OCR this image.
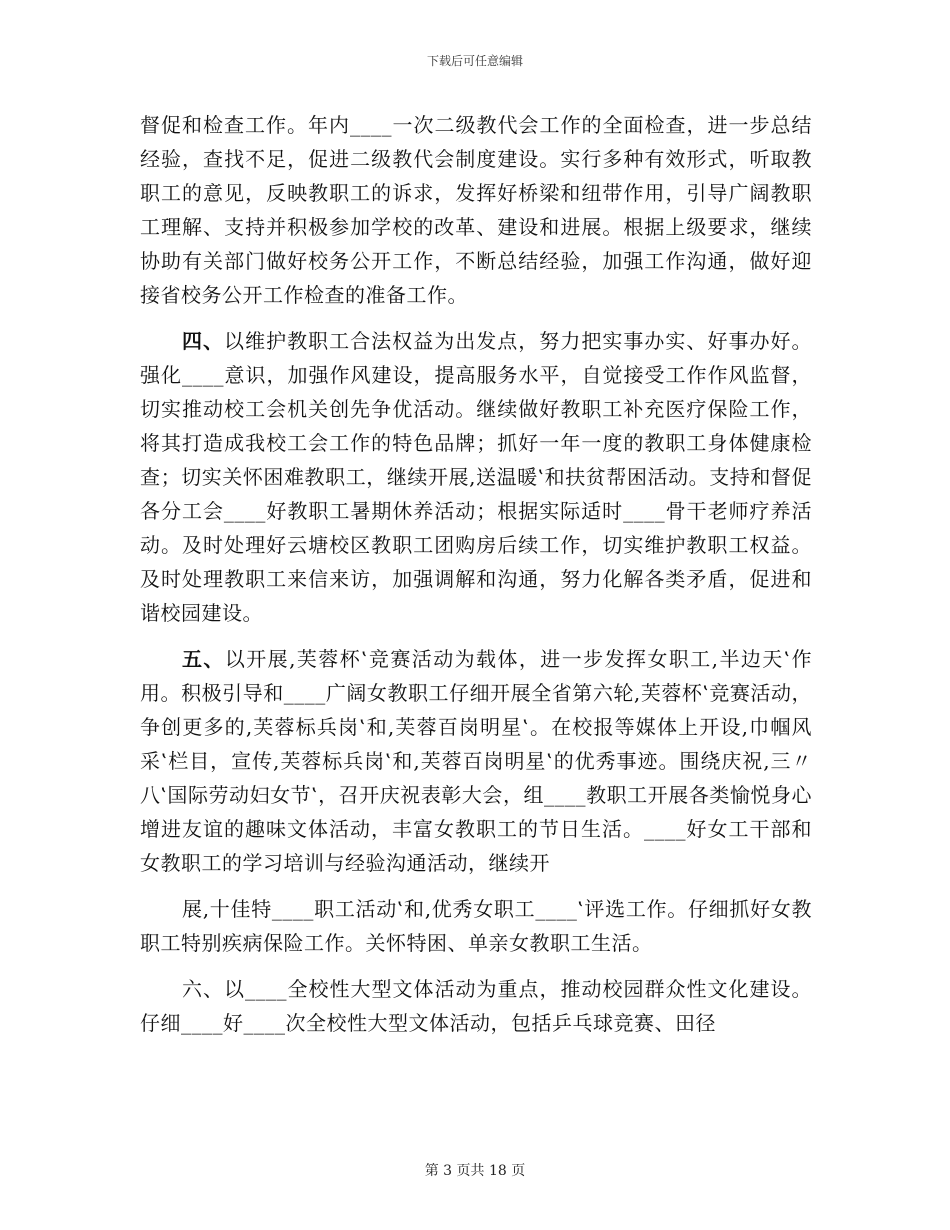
下载后可任意编辑

督促和检查工作。年内____一次二级教代会工作的全面检查，进一步总结经验，查找不足，促进二级教代会制度建设。实行多种有效形式，听取教职工的意见，反映教职工的诉求，发挥好桥梁和纽带作用，引导广阔教职工理解、支持并积极参加学校的改革、建设和进展。根据上级要求，继续协助有关部门做好校务公开工作，不断总结经验，加强工作沟通，做好迎接省校务公开工作检查的准备工作。

四、以维护教职工合法权益为出发点，努力把实事办实、好事办好。强化____意识，加强作风建设，提高服务水平，自觉接受工作作风监督，切实推动校工会机关创先争优活动。继续做好教职工补充医疗保险工作，将其打造成我校工会工作的特色品牌；抓好一年一度的教职工身体健康检查；切实关怀困难教职工，继续开展,送温暖‛和扶贫帮困活动。支持和督促各分工会____好教职工暑期休养活动；根据实际适时____骨干老师疗养活动。及时处理好云塘校区教职工团购房后续工作，切实维护教职工权益。及时处理教职工来信来访，加强调解和沟通，努力化解各类矛盾，促进和谐校园建设。

五、以开展,芙蓉杯‛竞赛活动为载体，进一步发挥女职工,半边天‛作用。积极引导和____广阔女教职工仔细开展全省第六轮,芙蓉杯‛竞赛活动，争创更多的,芙蓉标兵岗‛和,芙蓉百岗明星‛。在校报等媒体上开设,巾帼风采‛栏目，宣传,芙蓉标兵岗‛和,芙蓉百岗明星‛的优秀事迹。围绕庆祝,三〃八‛国际劳动妇女节‛，召开庆祝表彰大会，组____教职工开展各类愉悦身心增进友谊的趣味文体活动，丰富女教职工的节日生活。____好女工干部和女教职工的学习培训与经验沟通活动，继续开

展,十佳特____职工活动‛和,优秀女职工____‛评选工作。仔细抓好女教职工特别疾病保险工作。关怀特困、单亲女教职工生活。

六、以____全校性大型文体活动为重点，推动校园群众性文化建设。仔细____好____次全校性大型文体活动，包括乒乓球竞赛、田径

第 3 页共 18 页
